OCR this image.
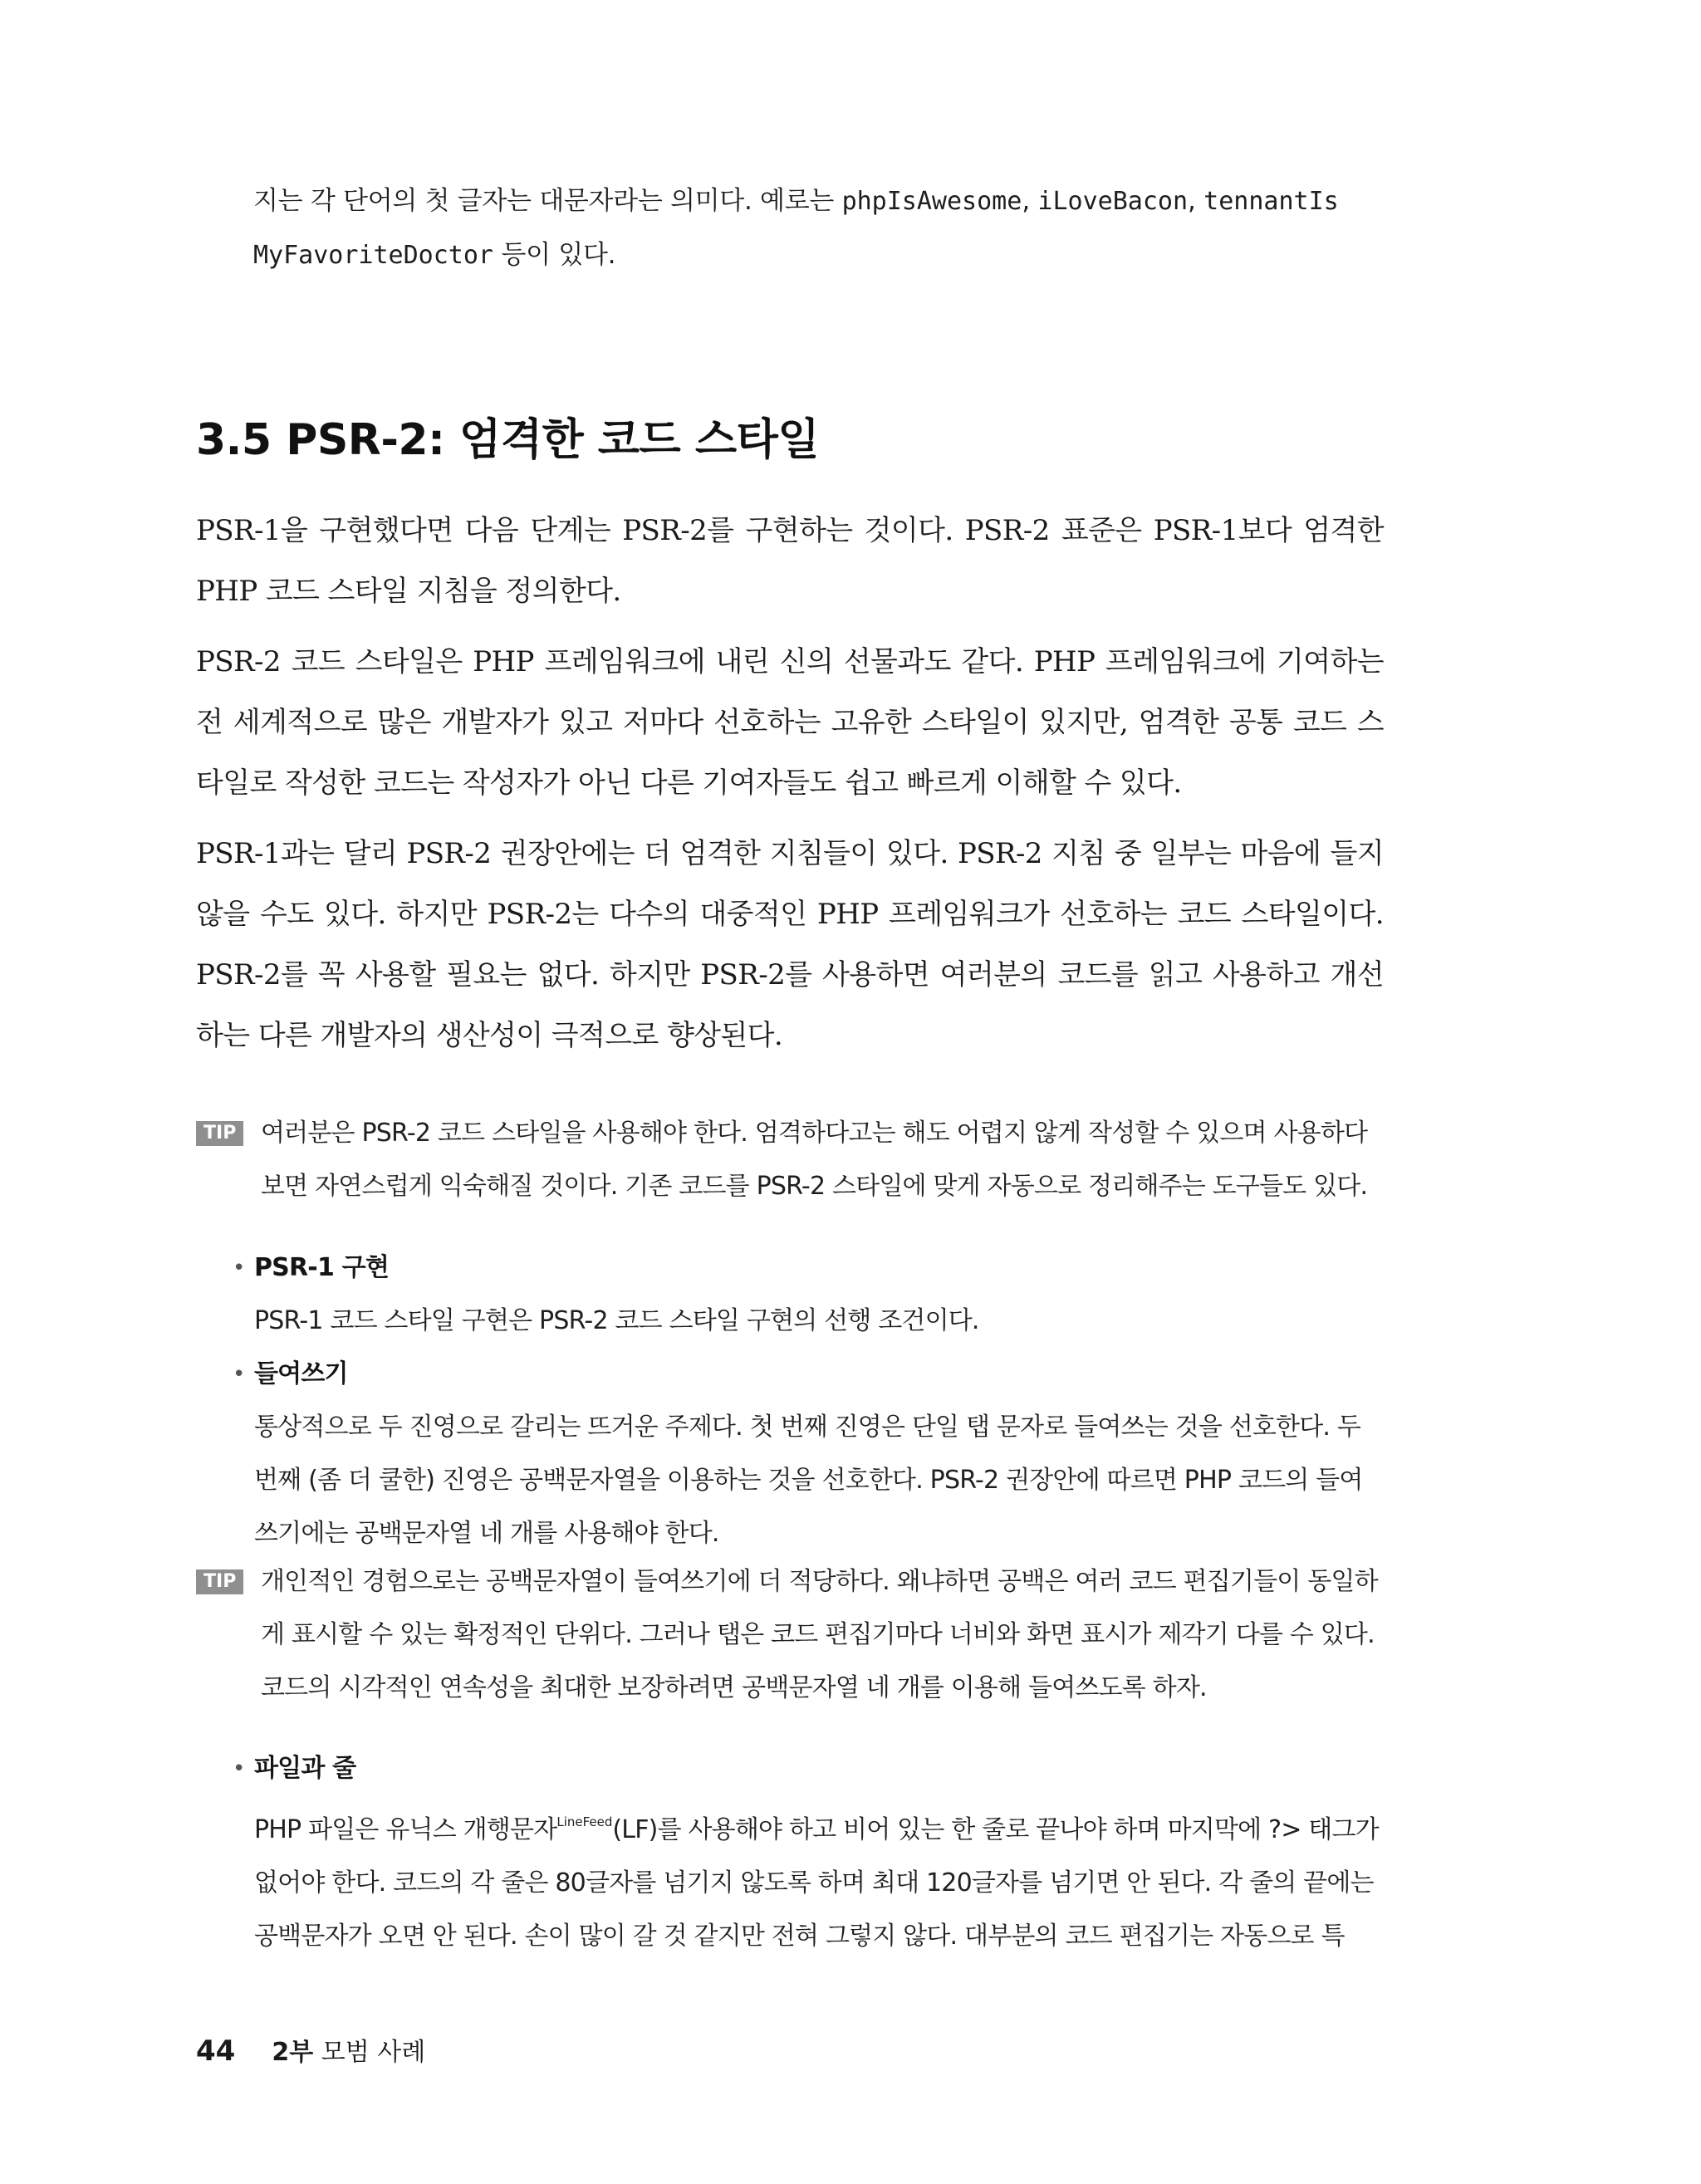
지는 각 단어의 첫 글자는 대문자라는 의미다. 예로는 phpIsAwesome, iLoveBacon, tennantIs
MyFavoriteDoctor 등이 있다.
3.5 PSR-2: 엄격한 코드 스타일

PSR-1을 구현했다면 다음 단계는 PSR-2를 구현하는 것이다. PSR-2 표준은 PSR-1보다 엄격한 PHP 코드 스타일 지침을 정의한다.

PSR-2 코드 스타일은 PHP 프레임워크에 내린 신의 선물과도 같다. PHP 프레임워크에 기여하는 전 세계적으로 많은 개발자가 있고 저마다 선호하는 고유한 스타일이 있지만, 엄격한 공통 코드 스타일로 작성한 코드는 작성자가 아닌 다른 기여자들도 쉽고 빠르게 이해할 수 있다.

PSR-1과는 달리 PSR-2 권장안에는 더 엄격한 지침들이 있다. PSR-2 지침 중 일부는 마음에 들지 않을 수도 있다. 하지만 PSR-2는 다수의 대중적인 PHP 프레임워크가 선호하는 코드 스타일이다. PSR-2를 꼭 사용할 필요는 없다. 하지만 PSR-2를 사용하면 여러분의 코드를 읽고 사용하고 개선하는 다른 개발자의 생산성이 극적으로 향상된다.

TIP 여러분은 PSR-2 코드 스타일을 사용해야 한다. 엄격하다고는 해도 어렵지 않게 작성할 수 있으며 사용하다 보면 자연스럽게 익숙해질 것이다. 기존 코드를 PSR-2 스타일에 맞게 자동으로 정리해주는 도구들도 있다.
• PSR-1 구현
PSR-1 코드 스타일 구현은 PSR-2 코드 스타일 구현의 선행 조건이다.
• 들여쓰기
통상적으로 두 진영으로 갈리는 뜨거운 주제다. 첫 번째 진영은 단일 탭 문자로 들여쓰는 것을 선호한다. 두 번째 (좀 더 쿨한) 진영은 공백문자열을 이용하는 것을 선호한다. PSR-2 권장안에 따르면 PHP 코드의 들여쓰기에는 공백문자열 네 개를 사용해야 한다.
TIP 개인적인 경험으로는 공백문자열이 들여쓰기에 더 적당하다. 왜냐하면 공백은 여러 코드 편집기들이 동일하게 표시할 수 있는 확정적인 단위다. 그러나 탭은 코드 편집기마다 너비와 화면 표시가 제각기 다를 수 있다. 코드의 시각적인 연속성을 최대한 보장하려면 공백문자열 네 개를 이용해 들여쓰도록 하자.
• 파일과 줄
PHP 파일은 유닉스 개행문자$^{LineFeed}$(LF)를 사용해야 하고 비어 있는 한 줄로 끝나야 하며 마지막에 ?> 태그가 없어야 한다. 코드의 각 줄은 80글자를 넘기지 않도록 하며 최대 120글자를 넘기면 안 된다. 각 줄의 끝에는 공백문자가 오면 안 된다. 손이 많이 갈 것 같지만 전혀 그렇지 않다. 대부분의 코드 편집기는 자동으로 특
44 2부 모범 사례
